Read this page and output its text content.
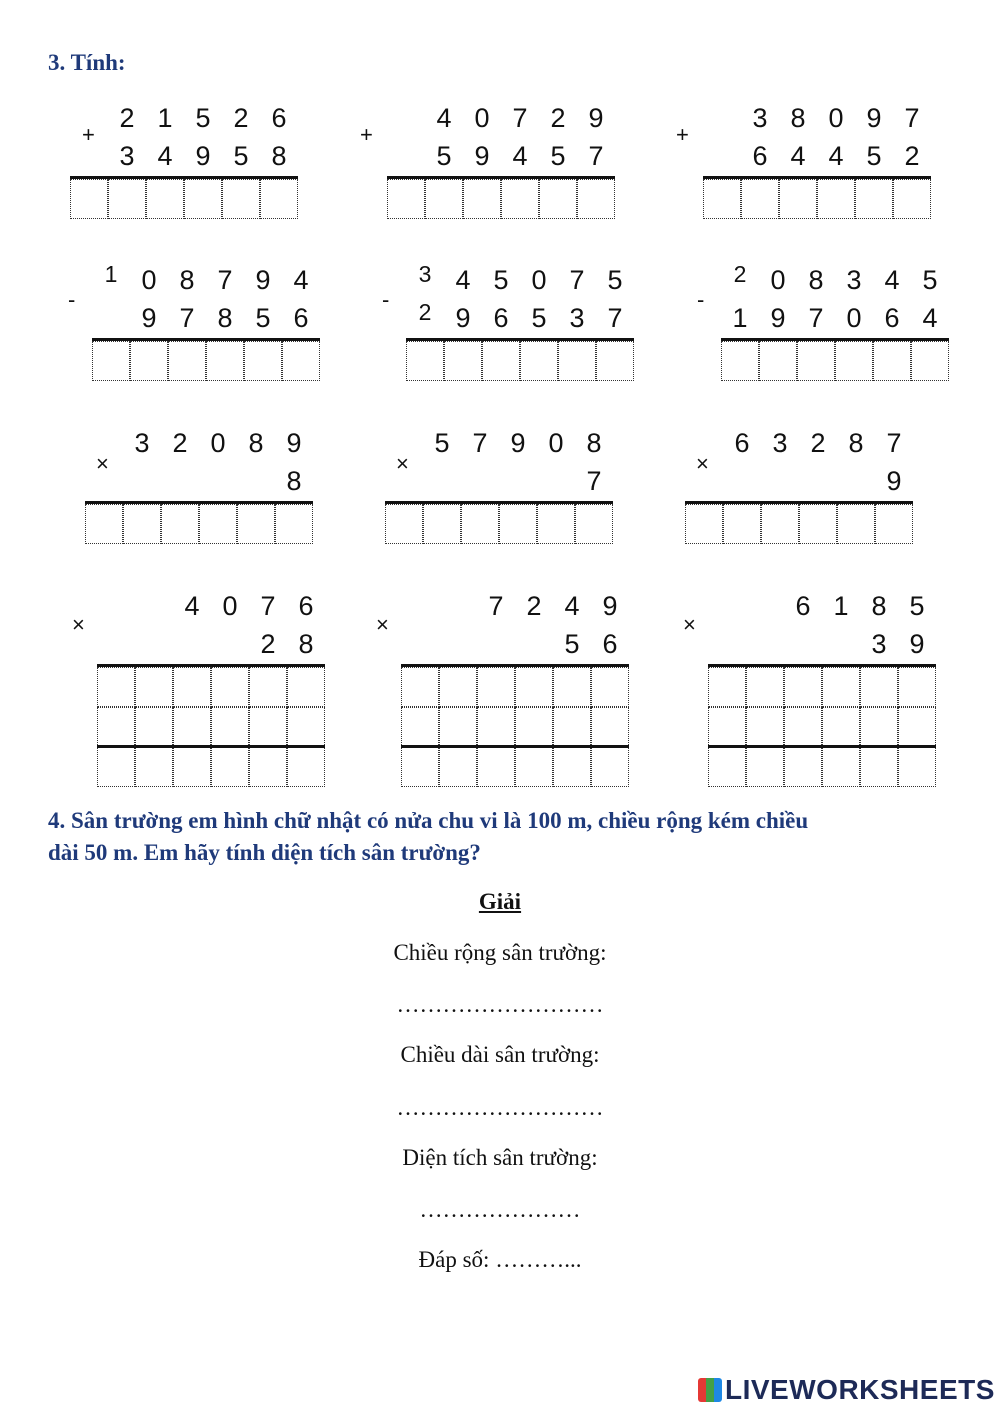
3. Tính:
+
2 1 5 2 6
3 4 9 5 8
+
4 0 7 2 9
5 9 4 5 7
+
3 8 0 9 7
6 4 4 5 2
-
1 0 8 7 9 4
9 7 8 5 6
-
3 4 5 0 7 5
2 9 6 5 3 7
-
2 0 8 3 4 5
1 9 7 0 6 4
×
3 2 0 8 9
8
×
5 7 9 0 8
7
×
6 3 2 8 7
9
×
4 0 7 6
2 8
×
7 2 4 9
5 6
×
6 1 8 5
3 9
4. Sân trường em hình chữ nhật có nửa chu vi là 100 m, chiều rộng kém chiều
dài 50 m. Em hãy tính diện tích sân trường?
Giải
Chiều rộng sân trường:
………………………
Chiều dài sân trường:
………………………
Diện tích sân trường:
…………………
Đáp số: ………...
LIVEWORKSHEETS
